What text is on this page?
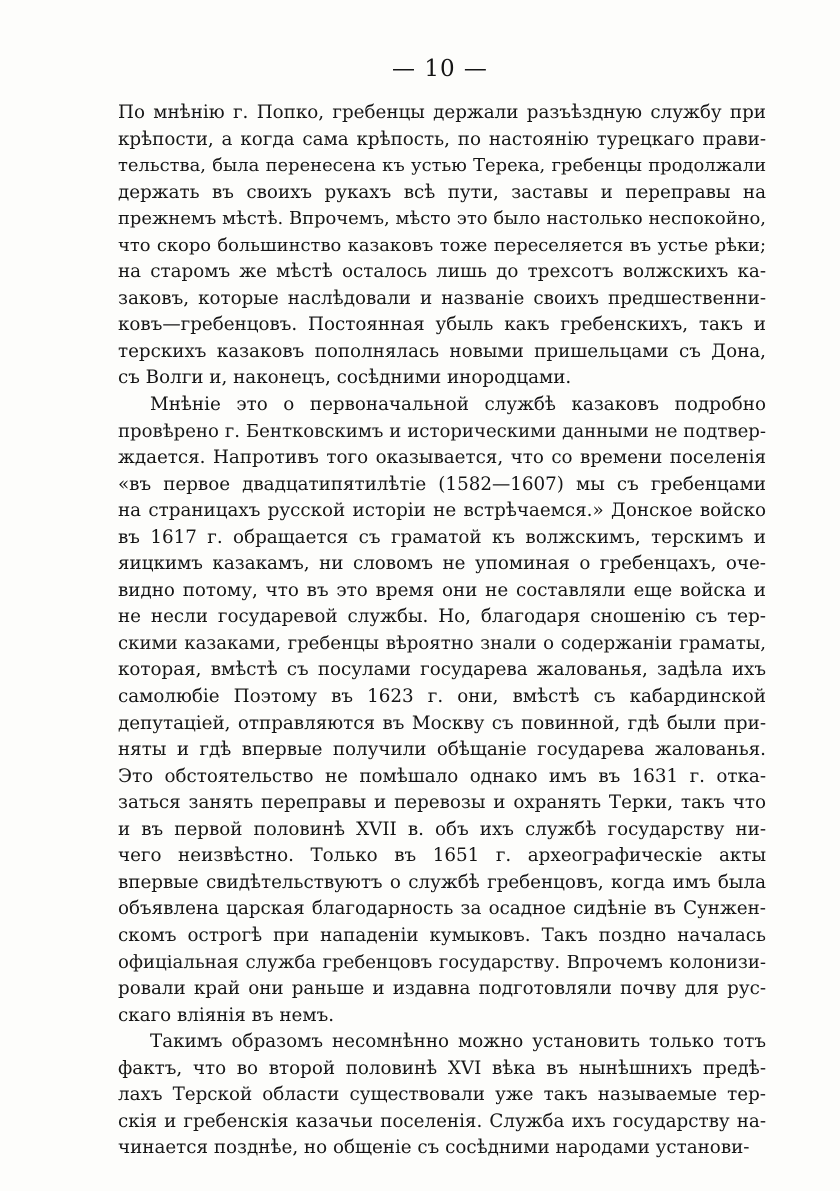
— 10 —
По мнѣнію г. Попко, гребенцы держали разъѣздную службу при
крѣпости, а когда сама крѣпость, по настоянію турецкаго прави-
тельства, была перенесена къ устью Терека, гребенцы продолжали
держать въ своихъ рукахъ всѣ пути, заставы и переправы на
прежнемъ мѣстѣ. Впрочемъ, мѣсто это было настолько неспокойно,
что скоро большинство казаковъ тоже переселяется въ устье рѣки;
на старомъ же мѣстѣ осталось лишь до трехсотъ волжскихъ ка-
заковъ, которые наслѣдовали и названіе своихъ предшественни-
ковъ—гребенцовъ. Постоянная убыль какъ гребенскихъ, такъ и
терскихъ казаковъ пополнялась новыми пришельцами съ Дона,
съ Волги и, наконецъ, сосѣдними инородцами.
Мнѣніе это о первоначальной службѣ казаковъ подробно
провѣрено г. Бентковскимъ и историческими данными не подтвер-
ждается. Напротивъ того оказывается, что со времени поселенія
«въ первое двадцатипятилѣтіе (1582—1607) мы съ гребенцами
на страницахъ русской исторіи не встрѣчаемся.» Донское войско
въ 1617 г. обращается съ граматой къ волжскимъ, терскимъ и
яицкимъ казакамъ, ни словомъ не упоминая о гребенцахъ, оче-
видно потому, что въ это время они не составляли еще войска и
не несли государевой службы. Но, благодаря сношенію съ тер-
скими казаками, гребенцы вѣроятно знали о содержаніи граматы,
которая, вмѣстѣ съ посулами государева жалованья, задѣла ихъ
самолюбіе Поэтому въ 1623 г. они, вмѣстѣ съ кабардинской
депутаціей, отправляются въ Москву съ повинной, гдѣ были при-
няты и гдѣ впервые получили обѣщаніе государева жалованья.
Это обстоятельство не помѣшало однако имъ въ 1631 г. отка-
заться занять переправы и перевозы и охранять Терки, такъ что
и въ первой половинѣ XVII в. объ ихъ службѣ государству ни-
чего неизвѣстно. Только въ 1651 г. археографическіе акты
впервые свидѣтельствуютъ о службѣ гребенцовъ, когда имъ была
объявлена царская благодарность за осадное сидѣніе въ Сунжен-
скомъ острогѣ при нападеніи кумыковъ. Такъ поздно началась
офиціальная служба гребенцовъ государству. Впрочемъ колонизи-
ровали край они раньше и издавна подготовляли почву для рус-
скаго вліянія въ немъ.
Такимъ образомъ несомнѣнно можно установить только тотъ
фактъ, что во второй половинѣ XVI вѣка въ нынѣшнихъ предѣ-
лахъ Терской области существовали уже такъ называемые тер-
скія и гребенскія казачьи поселенія. Служба ихъ государству на-
чинается позднѣе, но общеніе съ сосѣдними народами установи-
